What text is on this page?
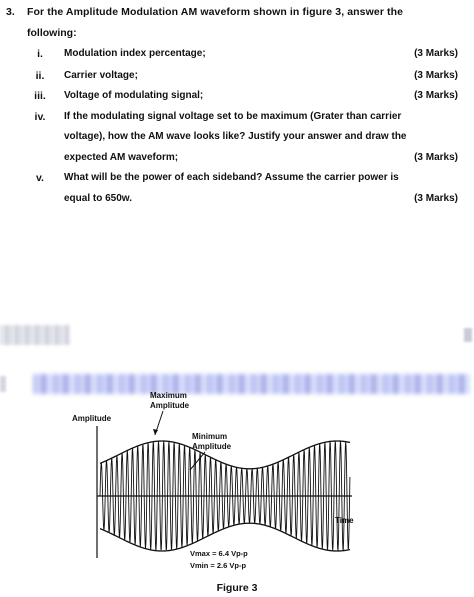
3. For the Amplitude Modulation AM waveform shown in figure 3, answer the
following:
i.	Modulation index percentage;	(3 Marks)
ii.	Carrier voltage;	(3 Marks)
iii.	Voltage of modulating signal;	(3 Marks)
iv.	If the modulating signal voltage set to be maximum (Grater than carrier
voltage), how the AM wave looks like? Justify your answer and draw the
expected AM waveform;	(3 Marks)
v.	What will be the power of each sideband? Assume the carrier power is
equal to 650w.	(3 Marks)
Maximum
Amplitude
Amplitude
Minimum
Amplitude
Time
Vmax = 6.4 Vp-p
Vmin = 2.6 Vp-p
Figure 3
